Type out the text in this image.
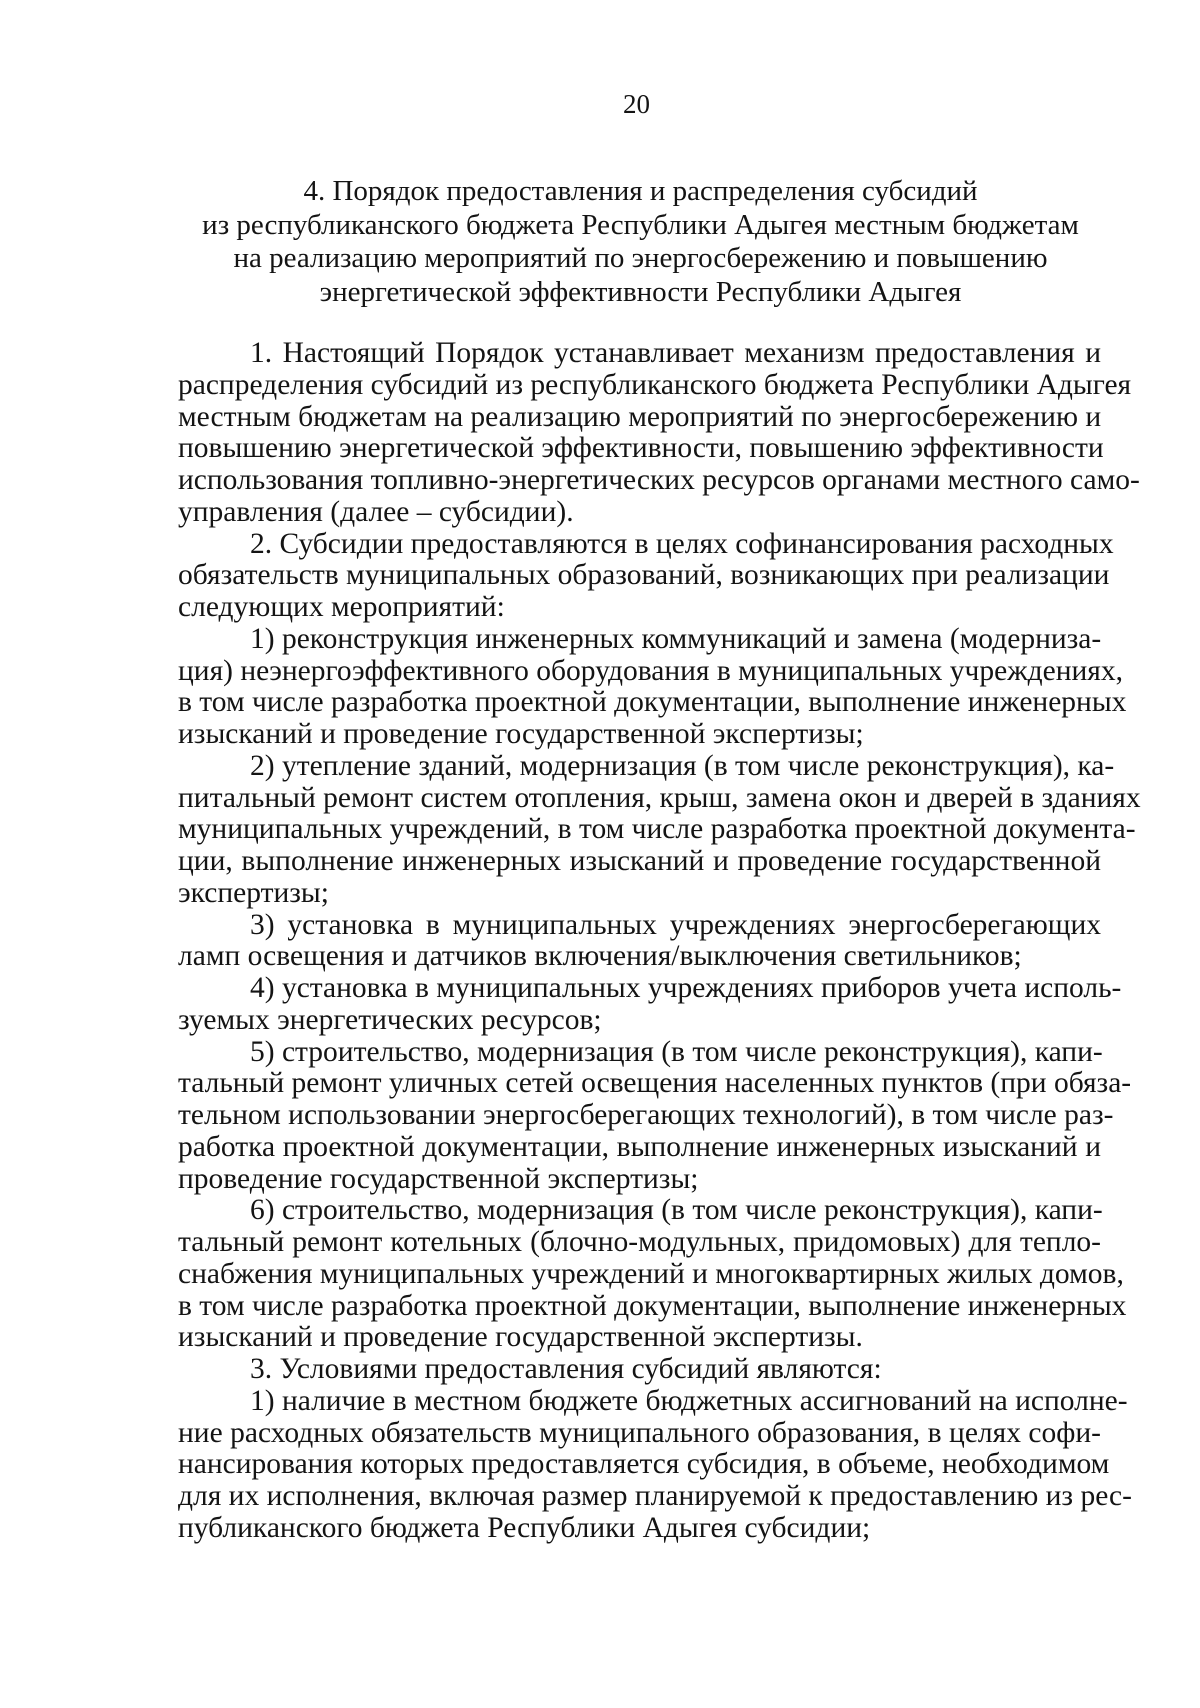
20
4. Порядок предоставления и распределения субсидий
из республиканского бюджета Республики Адыгея местным бюджетам
на реализацию мероприятий по энергосбережению и повышению
энергетической эффективности Республики Адыгея
1. Настоящий Порядок устанавливает механизм предоставления и
распределения субсидий из республиканского бюджета Республики Адыгея
местным бюджетам на реализацию мероприятий по энергосбережению и
повышению энергетической эффективности, повышению эффективности
использования топливно-энергетических ресурсов органами местного само-
управления (далее – субсидии).
2. Субсидии предоставляются в целях софинансирования расходных
обязательств муниципальных образований, возникающих при реализации
следующих мероприятий:
1) реконструкция инженерных коммуникаций и замена (модерниза-
ция) неэнергоэффективного оборудования в муниципальных учреждениях,
в том числе разработка проектной документации, выполнение инженерных
изысканий и проведение государственной экспертизы;
2) утепление зданий, модернизация (в том числе реконструкция), ка-
питальный ремонт систем отопления, крыш, замена окон и дверей в зданиях
муниципальных учреждений, в том числе разработка проектной документа-
ции, выполнение инженерных изысканий и проведение государственной
экспертизы;
3) установка в муниципальных учреждениях энергосберегающих
ламп освещения и датчиков включения/выключения светильников;
4) установка в муниципальных учреждениях приборов учета исполь-
зуемых энергетических ресурсов;
5) строительство, модернизация (в том числе реконструкция), капи-
тальный ремонт уличных сетей освещения населенных пунктов (при обяза-
тельном использовании энергосберегающих технологий), в том числе раз-
работка проектной документации, выполнение инженерных изысканий и
проведение государственной экспертизы;
6) строительство, модернизация (в том числе реконструкция), капи-
тальный ремонт котельных (блочно-модульных, придомовых) для тепло-
снабжения муниципальных учреждений и многоквартирных жилых домов,
в том числе разработка проектной документации, выполнение инженерных
изысканий и проведение государственной экспертизы.
3. Условиями предоставления субсидий являются:
1) наличие в местном бюджете бюджетных ассигнований на исполне-
ние расходных обязательств муниципального образования, в целях софи-
нансирования которых предоставляется субсидия, в объеме, необходимом
для их исполнения, включая размер планируемой к предоставлению из рес-
публиканского бюджета Республики Адыгея субсидии;
